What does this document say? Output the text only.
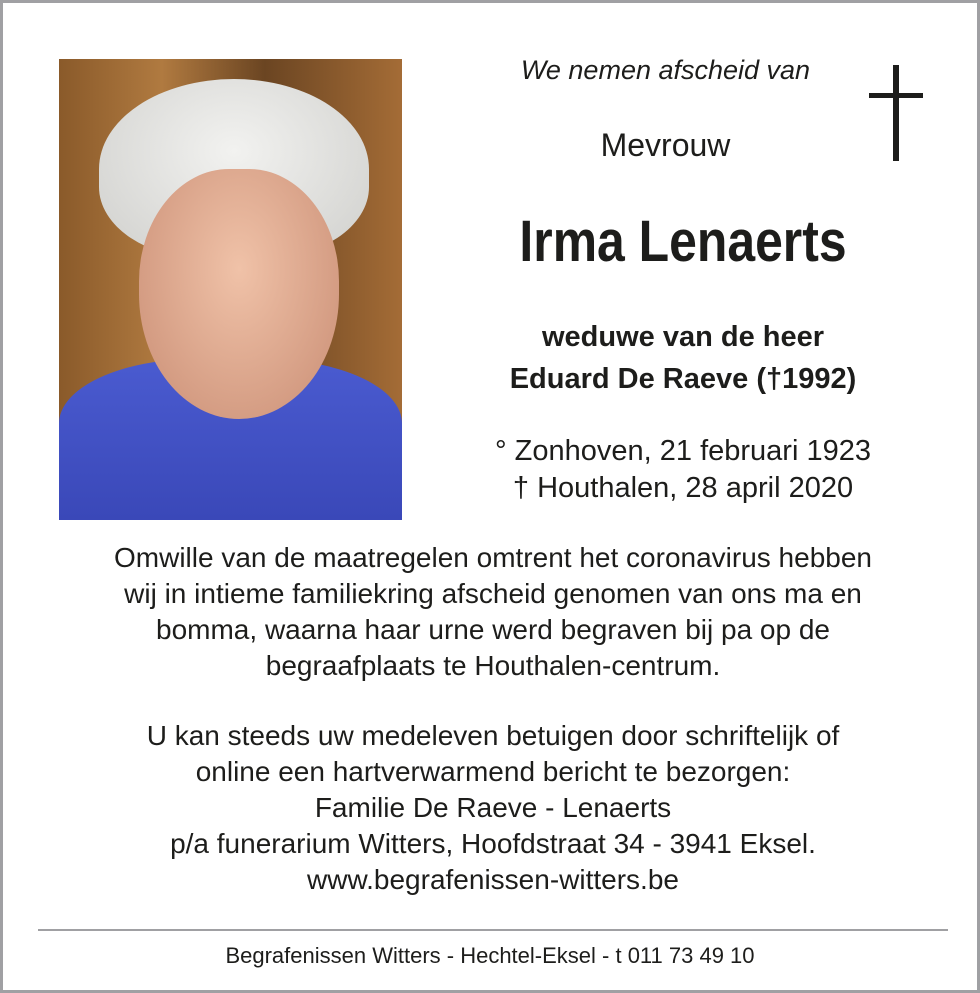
We nemen afscheid van
Mevrouw
Irma Lenaerts
weduwe van de heer
Eduard De Raeve (†1992)
° Zonhoven, 21 februari 1923
† Houthalen, 28 april 2020

Omwille van de maatregelen omtrent het coronavirus hebben
wij in intieme familiekring afscheid genomen van ons ma en
bomma, waarna haar urne werd begraven bij pa op de
begraafplaats te Houthalen-centrum.

U kan steeds uw medeleven betuigen door schriftelijk of
online een hartverwarmend bericht te bezorgen:
Familie De Raeve - Lenaerts
p/a funerarium Witters, Hoofdstraat 34 - 3941 Eksel.
www.begrafenissen-witters.be

Begrafenissen Witters - Hechtel-Eksel - t 011 73 49 10
